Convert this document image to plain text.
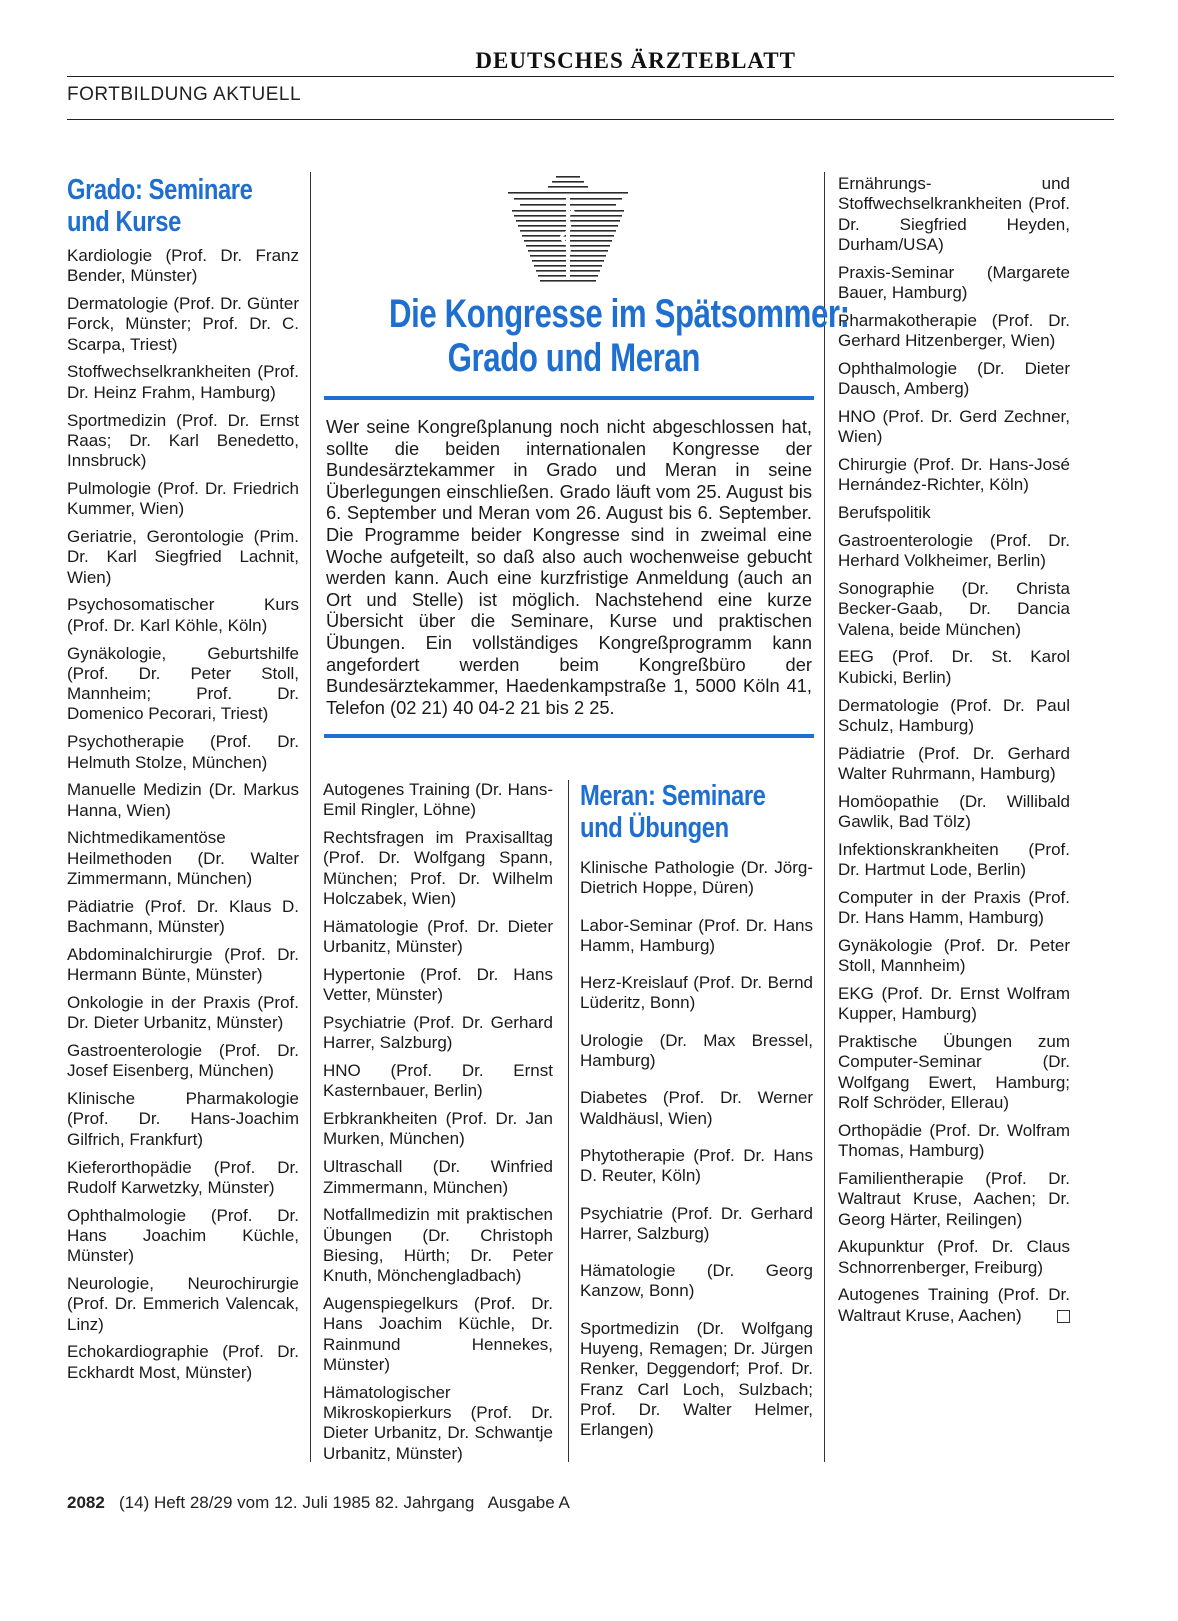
DEUTSCHES ÄRZTEBLATT
FORTBILDUNG AKTUELL
Grado: Seminare
und Kurse
Kardiologie (Prof. Dr. Franz Bender, Münster)
Dermatologie (Prof. Dr. Günter Forck, Münster; Prof. Dr. C. Scarpa, Triest)
Stoffwechselkrankheiten (Prof. Dr. Heinz Frahm, Hamburg)
Sportmedizin (Prof. Dr. Ernst Raas; Dr. Karl Benedetto, Innsbruck)
Pulmologie (Prof. Dr. Friedrich Kummer, Wien)
Geriatrie, Gerontologie (Prim. Dr. Karl Siegfried Lachnit, Wien)
Psychosomatischer Kurs (Prof. Dr. Karl Köhle, Köln)
Gynäkologie, Geburtshilfe (Prof. Dr. Peter Stoll, Mannheim; Prof. Dr. Domenico Pecorari, Triest)
Psychotherapie (Prof. Dr. Helmuth Stolze, München)
Manuelle Medizin (Dr. Markus Hanna, Wien)
Nichtmedikamentöse Heilmethoden (Dr. Walter Zimmermann, München)
Pädiatrie (Prof. Dr. Klaus D. Bachmann, Münster)
Abdominalchirurgie (Prof. Dr. Hermann Bünte, Münster)
Onkologie in der Praxis (Prof. Dr. Dieter Urbanitz, Münster)
Gastroenterologie (Prof. Dr. Josef Eisenberg, München)
Klinische Pharmakologie (Prof. Dr. Hans-Joachim Gilfrich, Frankfurt)
Kieferorthopädie (Prof. Dr. Rudolf Karwetzky, Münster)
Ophthalmologie (Prof. Dr. Hans Joachim Küchle, Münster)
Neurologie, Neurochirurgie (Prof. Dr. Emmerich Valencak, Linz)
Echokardiographie (Prof. Dr. Eckhardt Most, Münster)
Die Kongresse im Spätsommer:
Grado und Meran
Wer seine Kongreßplanung noch nicht abgeschlossen hat, sollte die beiden internationalen Kongresse der Bundesärztekammer in Grado und Meran in seine Überlegungen einschließen. Grado läuft vom 25. August bis 6. September und Meran vom 26. August bis 6. September. Die Programme beider Kongresse sind in zweimal eine Woche aufgeteilt, so daß also auch wochenweise gebucht werden kann. Auch eine kurzfristige Anmeldung (auch an Ort und Stelle) ist möglich. Nachstehend eine kurze Übersicht über die Seminare, Kurse und praktischen Übungen. Ein vollständiges Kongreßprogramm kann angefordert werden beim Kongreßbüro der Bundesärztekammer, Haedenkampstraße 1, 5000 Köln 41, Telefon (02 21) 40 04-2 21 bis 2 25.
Autogenes Training (Dr. Hans-Emil Ringler, Löhne)
Rechtsfragen im Praxisalltag (Prof. Dr. Wolfgang Spann, München; Prof. Dr. Wilhelm Holczabek, Wien)
Hämatologie (Prof. Dr. Dieter Urbanitz, Münster)
Hypertonie (Prof. Dr. Hans Vetter, Münster)
Psychiatrie (Prof. Dr. Gerhard Harrer, Salzburg)
HNO (Prof. Dr. Ernst Kasternbauer, Berlin)
Erbkrankheiten (Prof. Dr. Jan Murken, München)
Ultraschall (Dr. Winfried Zimmermann, München)
Notfallmedizin mit praktischen Übungen (Dr. Christoph Biesing, Hürth; Dr. Peter Knuth, Mönchengladbach)
Augenspiegelkurs (Prof. Dr. Hans Joachim Küchle, Dr. Rainmund Hennekes, Münster)
Hämatologischer Mikroskopierkurs (Prof. Dr. Dieter Urbanitz, Dr. Schwantje Urbanitz, Münster)
Meran: Seminare
und Übungen
Klinische Pathologie (Dr. Jörg-Dietrich Hoppe, Düren)
Labor-Seminar (Prof. Dr. Hans Hamm, Hamburg)
Herz-Kreislauf (Prof. Dr. Bernd Lüderitz, Bonn)
Urologie (Dr. Max Bressel, Hamburg)
Diabetes (Prof. Dr. Werner Waldhäusl, Wien)
Phytotherapie (Prof. Dr. Hans D. Reuter, Köln)
Psychiatrie (Prof. Dr. Gerhard Harrer, Salzburg)
Hämatologie (Dr. Georg Kanzow, Bonn)
Sportmedizin (Dr. Wolfgang Huyeng, Remagen; Dr. Jürgen Renker, Deggendorf; Prof. Dr. Franz Carl Loch, Sulzbach; Prof. Dr. Walter Helmer, Erlangen)
Ernährungs- und Stoffwechselkrankheiten (Prof. Dr. Siegfried Heyden, Durham/USA)
Praxis-Seminar (Margarete Bauer, Hamburg)
Pharmakotherapie (Prof. Dr. Gerhard Hitzenberger, Wien)
Ophthalmologie (Dr. Dieter Dausch, Amberg)
HNO (Prof. Dr. Gerd Zechner, Wien)
Chirurgie (Prof. Dr. Hans-José Hernández-Richter, Köln)
Berufspolitik
Gastroenterologie (Prof. Dr. Herhard Volkheimer, Berlin)
Sonographie (Dr. Christa Becker-Gaab, Dr. Dancia Valena, beide München)
EEG (Prof. Dr. St. Karol Kubicki, Berlin)
Dermatologie (Prof. Dr. Paul Schulz, Hamburg)
Pädiatrie (Prof. Dr. Gerhard Walter Ruhrmann, Hamburg)
Homöopathie (Dr. Willibald Gawlik, Bad Tölz)
Infektionskrankheiten (Prof. Dr. Hartmut Lode, Berlin)
Computer in der Praxis (Prof. Dr. Hans Hamm, Hamburg)
Gynäkologie (Prof. Dr. Peter Stoll, Mannheim)
EKG (Prof. Dr. Ernst Wolfram Kupper, Hamburg)
Praktische Übungen zum Computer-Seminar (Dr. Wolfgang Ewert, Hamburg; Rolf Schröder, Ellerau)
Orthopädie (Prof. Dr. Wolfram Thomas, Hamburg)
Familientherapie (Prof. Dr. Waltraut Kruse, Aachen; Dr. Georg Härter, Reilingen)
Akupunktur (Prof. Dr. Claus Schnorrenberger, Freiburg)
Autogenes Training (Prof. Dr. Waltraut Kruse, Aachen)
2082 (14) Heft 28/29 vom 12. Juli 1985 82. Jahrgang Ausgabe A
